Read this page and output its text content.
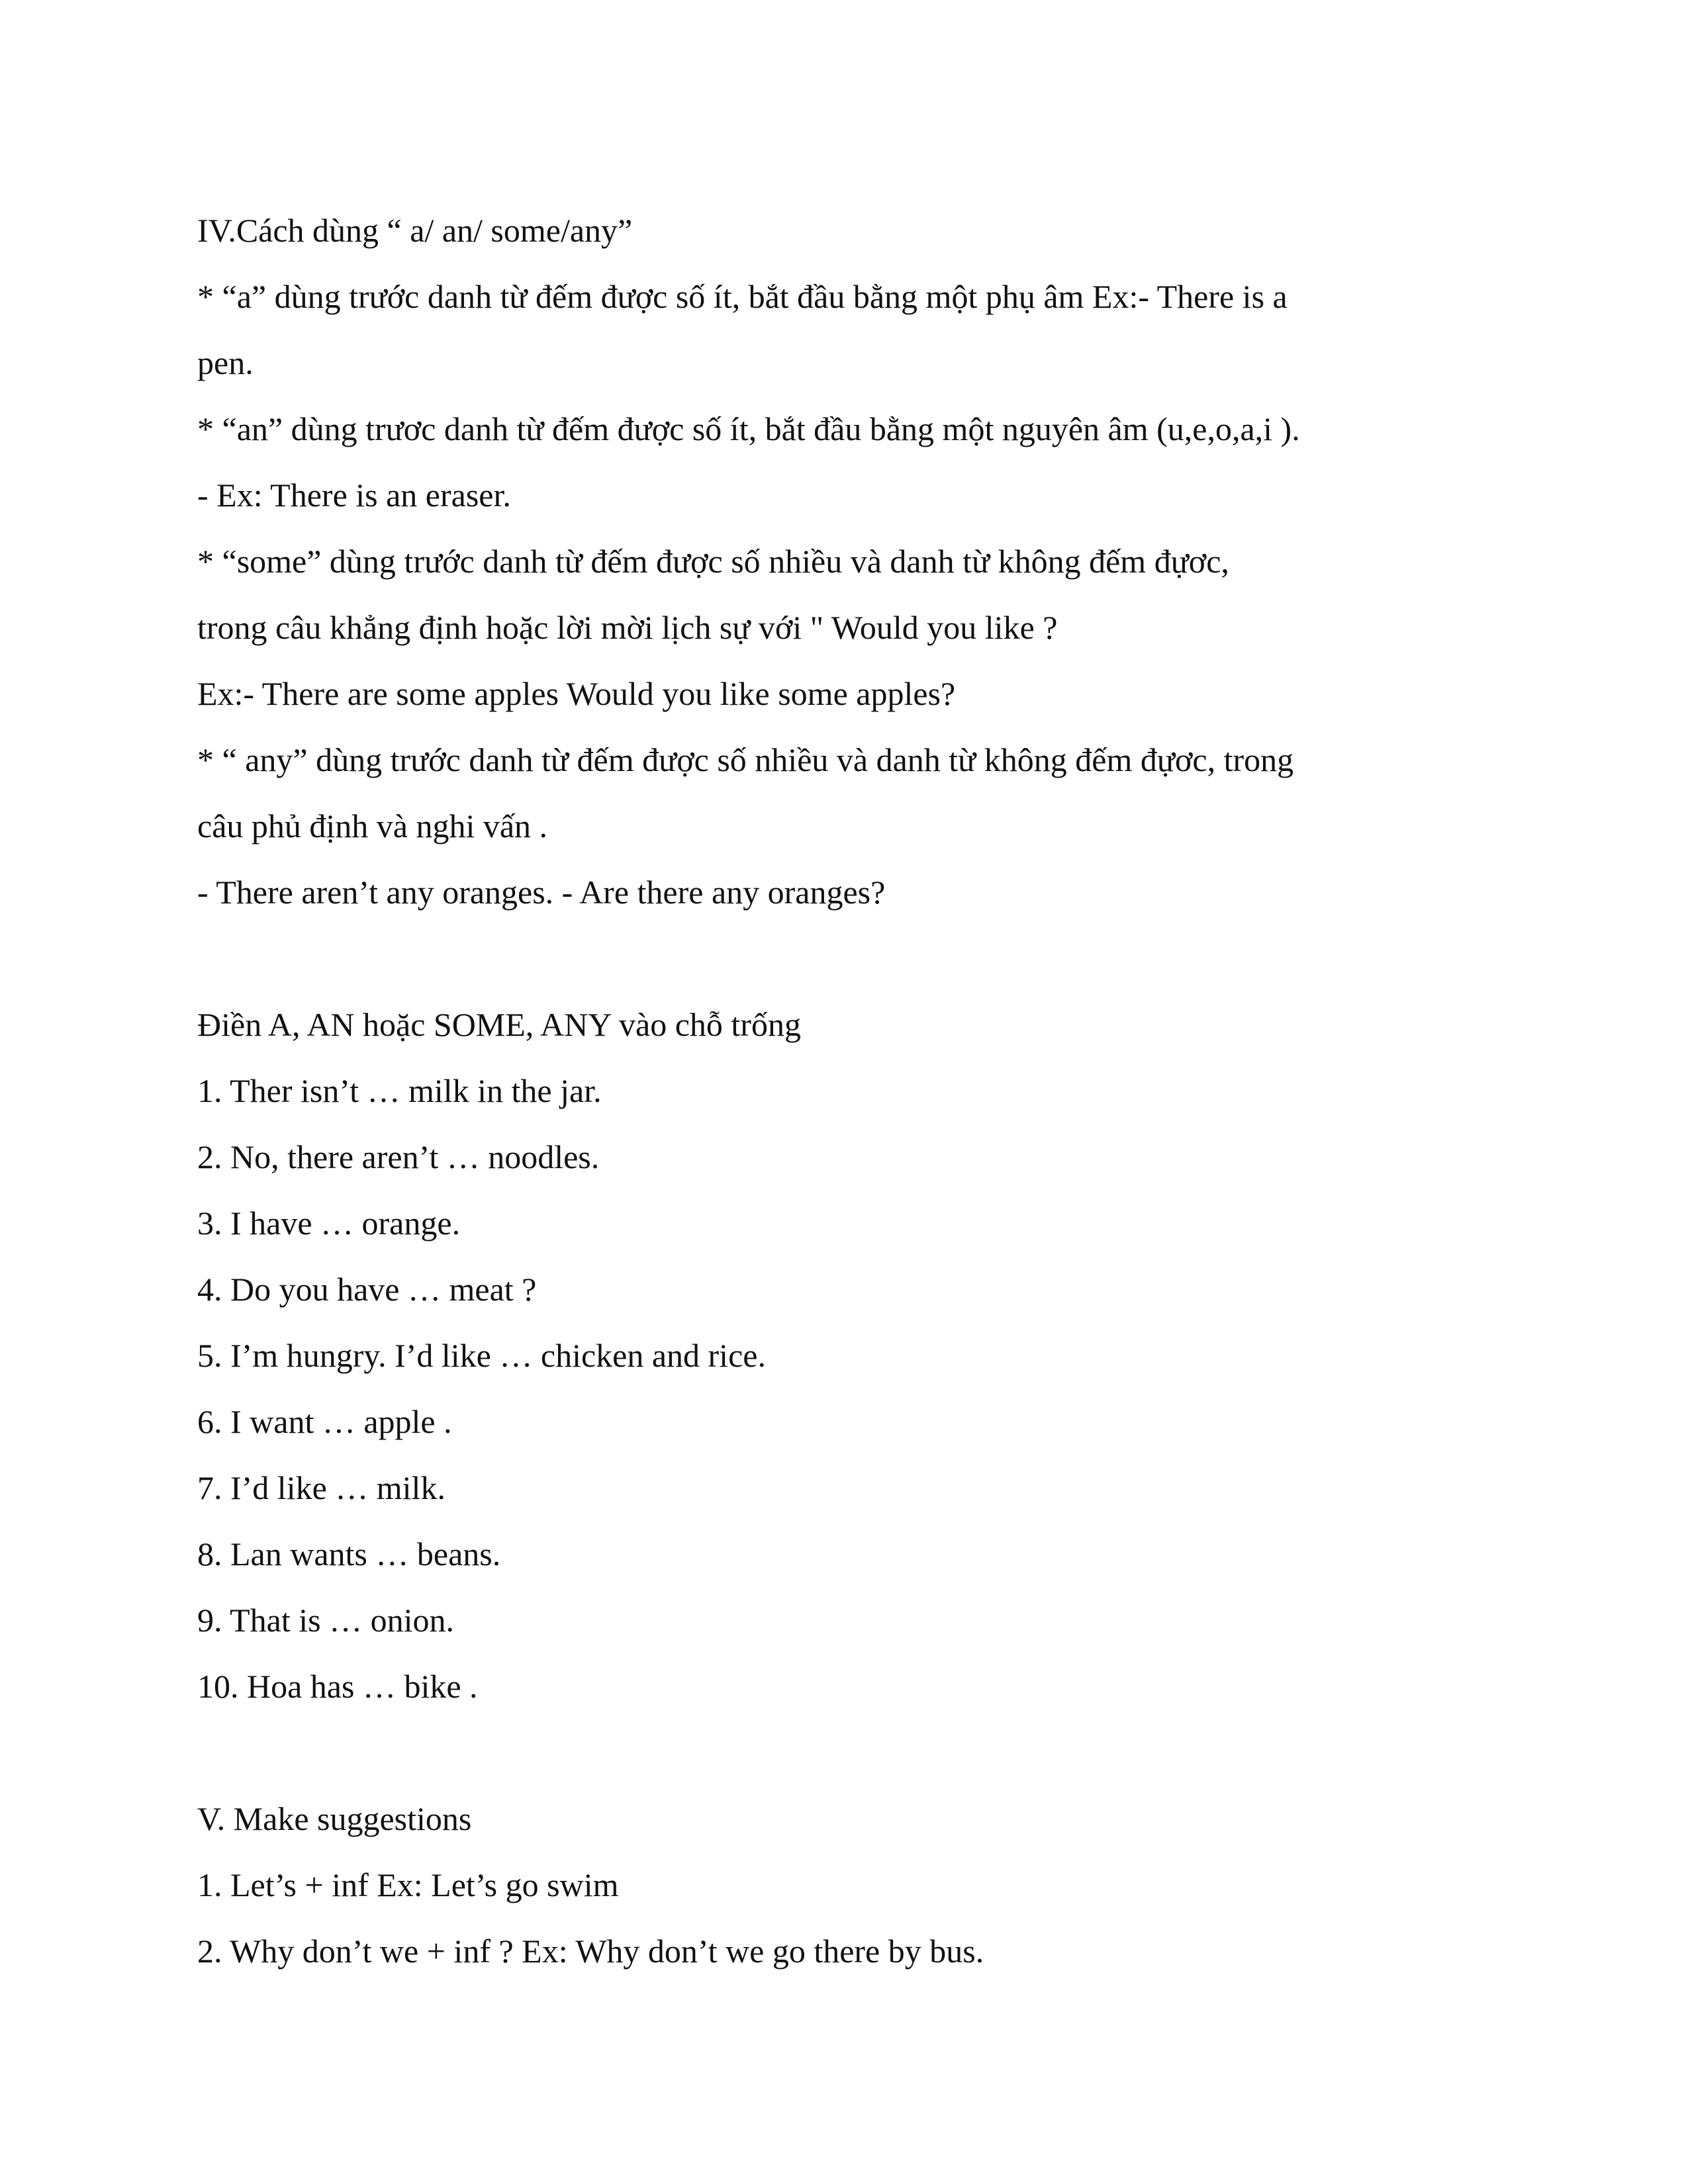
IV.Cách dùng “ a/ an/ some/any”
* “a” dùng trước danh từ đếm được số ít, bắt đầu bằng một phụ âm Ex:- There is a
pen.
* “an” dùng trươc danh từ đếm được số ít, bắt đầu bằng một nguyên âm (u,e,o,a,i ).
- Ex: There is an eraser.
* “some” dùng trước danh từ đếm được số nhiều và danh từ không đếm đựơc,
trong câu khẳng định hoặc lời mời lịch sự với " Would you like ?
Ex:- There are some apples Would you like some apples?
* “ any” dùng trước danh từ đếm được số nhiều và danh từ không đếm đựơc, trong
câu phủ định và nghi vấn .
- There aren’t any oranges. - Are there any oranges?
Điền A, AN hoặc SOME, ANY vào chỗ trống
1. Ther isn’t … milk in the jar.
2. No, there aren’t … noodles.
3. I have … orange.
4. Do you have … meat ?
5. I’m hungry. I’d like … chicken and rice.
6. I want … apple .
7. I’d like … milk.
8. Lan wants … beans.
9. That is … onion.
10. Hoa has … bike .
V. Make suggestions
1. Let’s + inf Ex: Let’s go swim
2. Why don’t we + inf ? Ex: Why don’t we go there by bus.
